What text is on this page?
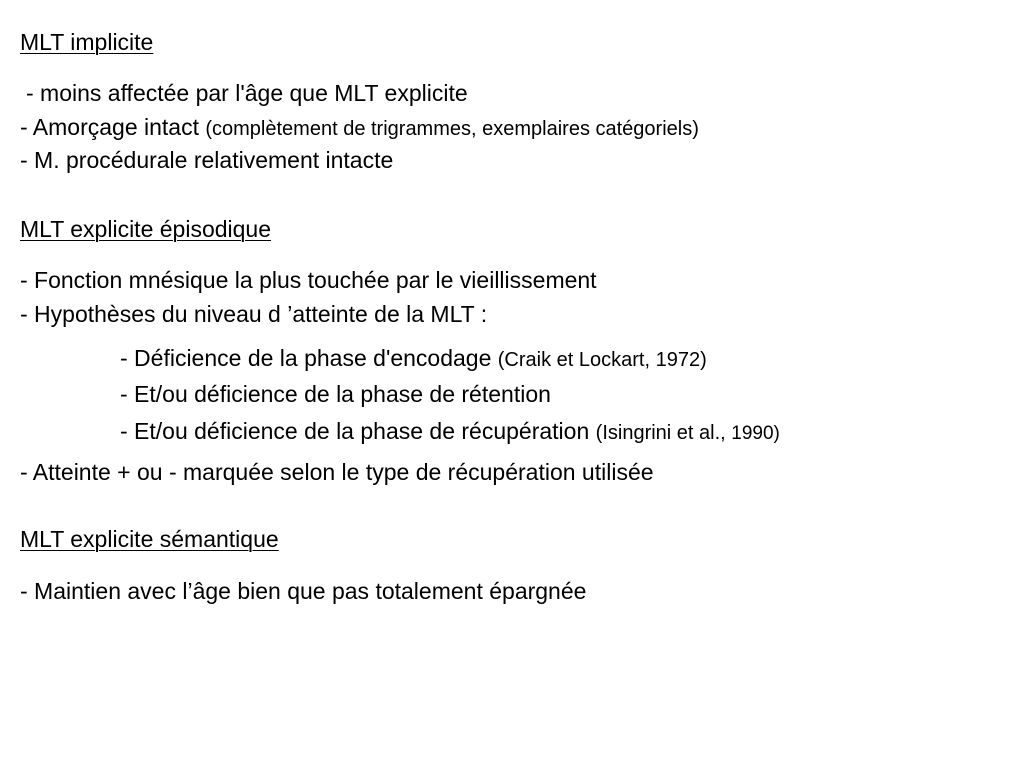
MLT implicite
- moins affectée par l'âge que MLT explicite
- Amorçage intact (complètement de trigrammes, exemplaires catégoriels)
- M. procédurale relativement intacte
MLT explicite épisodique
- Fonction mnésique la plus touchée par le vieillissement
- Hypothèses du niveau d ’atteinte de la MLT :
- Déficience de la phase d'encodage (Craik et Lockart, 1972)
- Et/ou déficience de la phase de rétention
- Et/ou déficience de la phase de récupération (Isingrini et al., 1990)
- Atteinte + ou - marquée selon le type de récupération utilisée
MLT explicite sémantique
- Maintien avec l’âge bien que pas totalement épargnée
